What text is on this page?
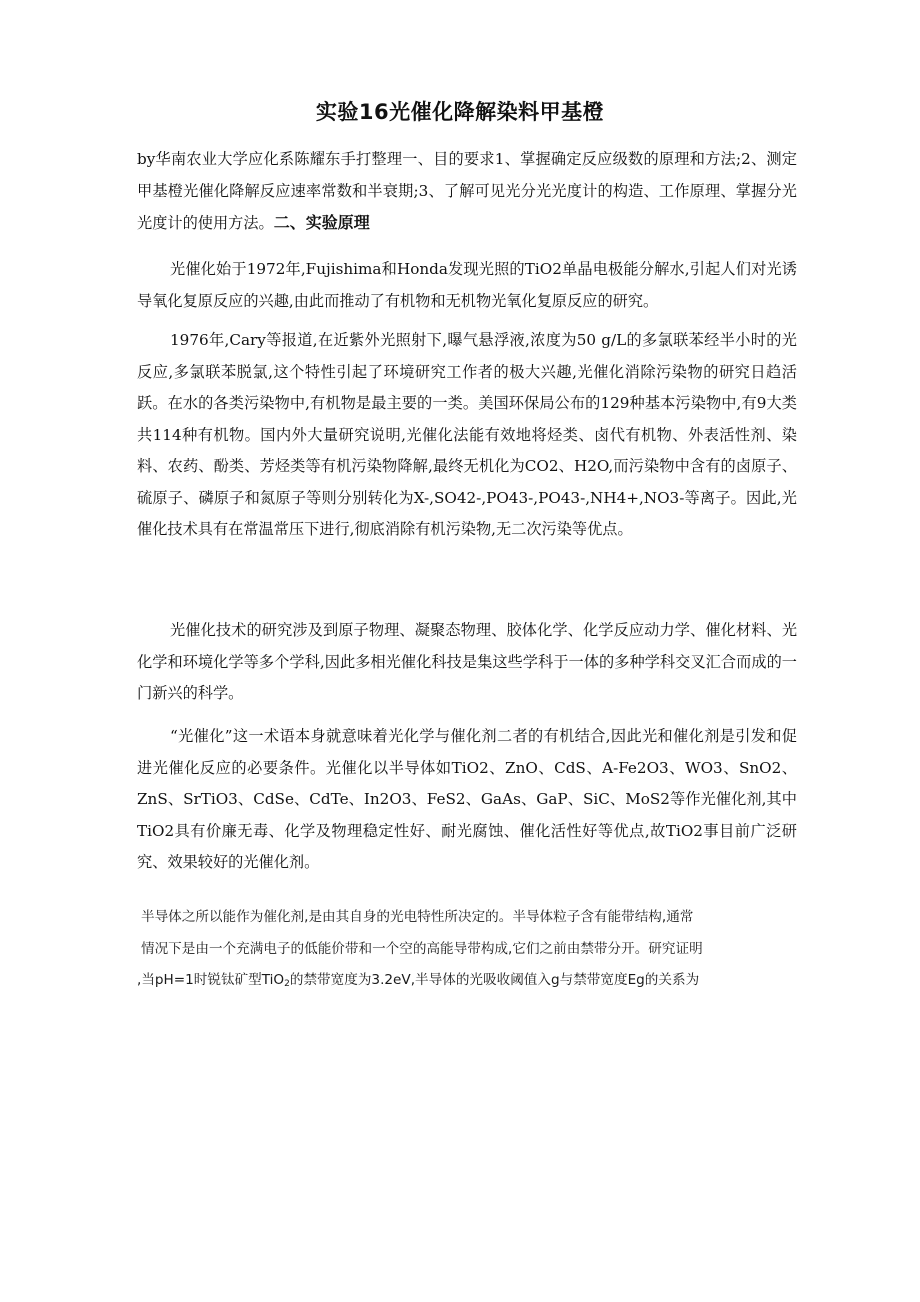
实验16光催化降解染料甲基橙

by华南农业大学应化系陈耀东手打整理一、目的要求1、掌握确定反应级数的原理和方法;2、测定甲基橙光催化降解反应速率常数和半衰期;3、了解可见光分光光度计的构造、工作原理、掌握分光光度计的使用方法。二、实验原理

光催化始于1972年,Fujishima和Honda发现光照的TiO2单晶电极能分解水,引起人们对光诱导氧化复原反应的兴趣,由此而推动了有机物和无机物光氧化复原反应的研究。

1976年,Cary等报道,在近紫外光照射下,曝气悬浮液,浓度为50 g/L的多氯联苯经半小时的光反应,多氯联苯脱氯,这个特性引起了环境研究工作者的极大兴趣,光催化消除污染物的研究日趋活跃。在水的各类污染物中,有机物是最主要的一类。美国环保局公布的129种基本污染物中,有9大类共114种有机物。国内外大量研究说明,光催化法能有效地将烃类、卤代有机物、外表活性剂、染料、农药、酚类、芳烃类等有机污染物降解,最终无机化为CO2、H2O,而污染物中含有的卤原子、硫原子、磷原子和氮原子等则分别转化为X-,SO42-,PO43-,PO43-,NH4+,NO3-等离子。因此,光催化技术具有在常温常压下进行,彻底消除有机污染物,无二次污染等优点。

光催化技术的研究涉及到原子物理、凝聚态物理、胶体化学、化学反应动力学、催化材料、光化学和环境化学等多个学科,因此多相光催化科技是集这些学科于一体的多种学科交叉汇合而成的一门新兴的科学。

“光催化”这一术语本身就意味着光化学与催化剂二者的有机结合,因此光和催化剂是引发和促进光催化反应的必要条件。光催化以半导体如TiO2、ZnO、CdS、A-Fe2O3、WO3、SnO2、ZnS、SrTiO3、CdSe、CdTe、In2O3、FeS2、GaAs、GaP、SiC、MoS2等作光催化剂,其中TiO2具有价廉无毒、化学及物理稳定性好、耐光腐蚀、催化活性好等优点,故TiO2事目前广泛研究、效果较好的光催化剂。

半导体之所以能作为催化剂,是由其自身的光电特性所决定的。半导体粒子含有能带结构,通常
情况下是由一个充满电子的低能价带和一个空的高能导带构成,它们之前由禁带分开。研究证明
,当pH=1时锐钛矿型TiO$_2$的禁带宽度为3.2eV,半导体的光吸收阈值入g与禁带宽度Eg的关系为
